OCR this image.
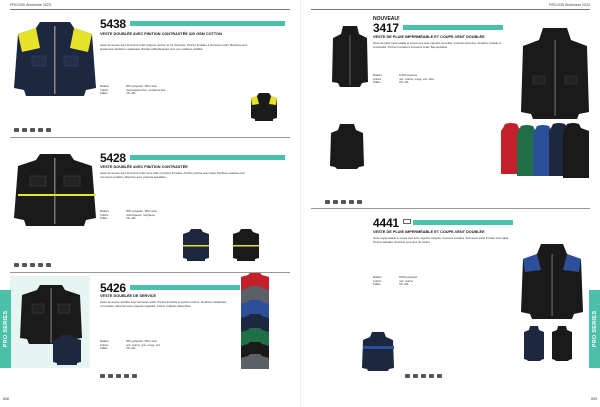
PROJOB Workwear 2023
5438
VESTE DOUBLÉE AVEC FINITION CONTRASTÉE 320 GSM COTTON
Veste de service avec fermeture éclair jusqu'au menton et col cheminée. Poches frontales à fermeture éclair. Manches avec ajustement. Doublure matelassée. Bandes réfléchissantes pour une meilleure visibilité.
Matière	65% polyester, 35% coton
Coloris	marine/jaune-fluo, noir/jaune-fluo
Tailles	XS–4XL
5428
VESTE DOUBLÉE AVEC FINITION CONTRASTÉE
Veste de service avec fermeture éclair sous patte et poches frontales. Poches poitrine avec rabat. Doublure ouatinée pour une bonne isolation. Manches avec poignets ajustables.
Matière	65% polyester, 35% coton
Coloris	marine/jaune, noir/jaune
Tailles	XS–4XL
5426
VESTE DOUBLÉE DE SERVICE
Veste de service doublée avec fermeture éclair. Poches frontales et poches poitrine. Doublure matelassée, col montant. Manches avec poignets réglables. Coloris multiples disponibles.
Matière	65% polyester, 35% coton
Coloris	noir, marine, gris, rouge, vert
Tailles	XS–4XL
PRO SERIES
608
PROJOB Workwear 2023
NOUVEAU!
3417
VESTE DE PLUIE IMPERMÉABLE ET COUPE-VENT DOUBLÉE
Veste de pluie imperméable et coupe-vent avec capuche amovible. Coutures étanches. Doublure chaude et confortable. Poches frontales à fermeture éclair. Bas ajustable.
Matière	100% polyester
Coloris	noir, marine, rouge, vert, bleu
Tailles	XS–4XL
4441
VESTE DE PLUIE IMPERMÉABLE ET COUPE-VENT DOUBLÉE
Veste imperméable et coupe-vent avec capuche intégrée. Coutures soudées. Fermeture éclair frontale sous rabat. Poches latérales. Doublure pour plus de confort.
Matière	100% polyester
Coloris	noir, marine
Tailles	XS–4XL
PRO SERIES
609
